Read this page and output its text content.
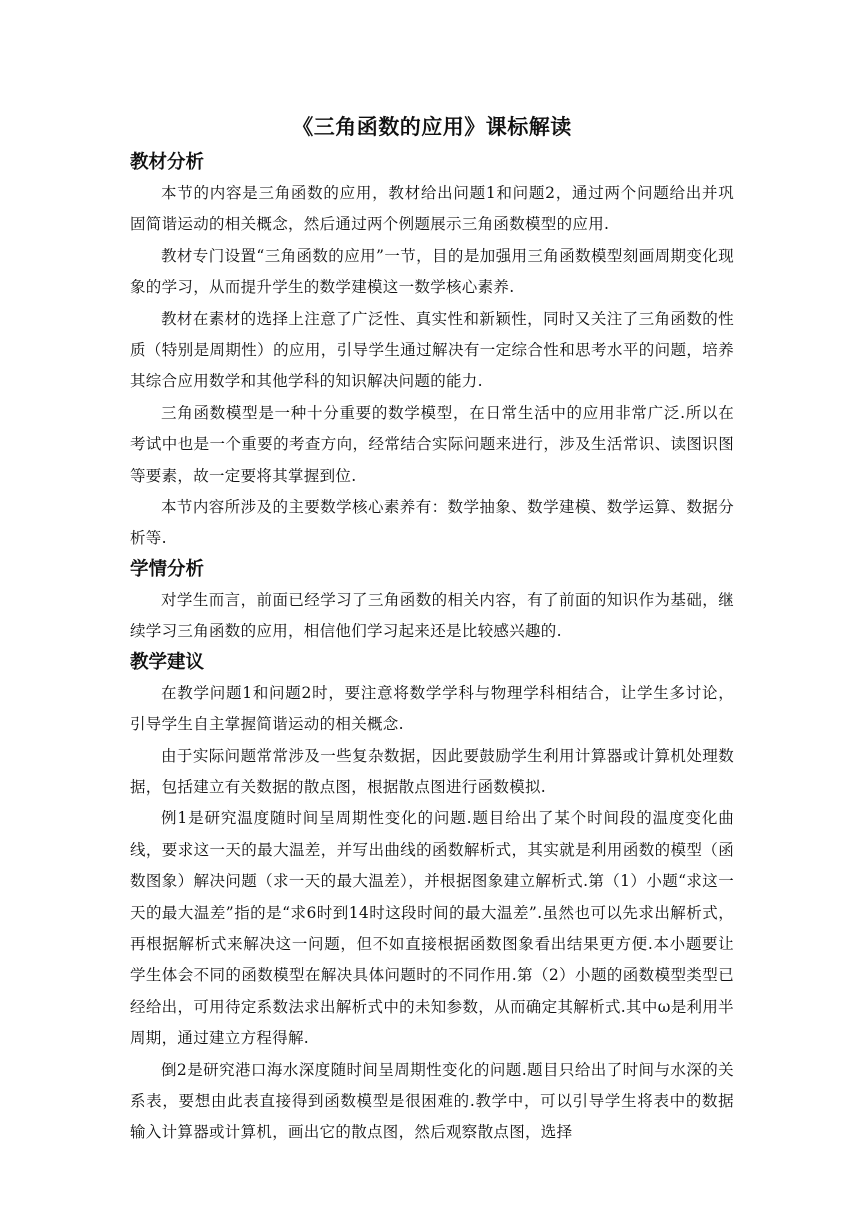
《三角函数的应用》课标解读
教材分析

本节的内容是三角函数的应用，教材给出问题1和问题2，通过两个问题给出并巩固简谐运动的相关概念，然后通过两个例题展示三角函数模型的应用.

教材专门设置“三角函数的应用”一节，目的是加强用三角函数模型刻画周期变化现象的学习，从而提升学生的数学建模这一数学核心素养.

教材在素材的选择上注意了广泛性、真实性和新颖性，同时又关注了三角函数的性质（特别是周期性）的应用，引导学生通过解决有一定综合性和思考水平的问题，培养其综合应用数学和其他学科的知识解决问题的能力.

三角函数模型是一种十分重要的数学模型，在日常生活中的应用非常广泛.所以在考试中也是一个重要的考查方向，经常结合实际问题来进行，涉及生活常识、读图识图等要素，故一定要将其掌握到位.

本节内容所涉及的主要数学核心素养有：数学抽象、数学建模、数学运算、数据分析等.

学情分析

对学生而言，前面已经学习了三角函数的相关内容，有了前面的知识作为基础，继续学习三角函数的应用，相信他们学习起来还是比较感兴趣的.

教学建议

在教学问题1和问题2时，要注意将数学学科与物理学科相结合，让学生多讨论，引导学生自主掌握简谐运动的相关概念.

由于实际问题常常涉及一些复杂数据，因此要鼓励学生利用计算器或计算机处理数据，包括建立有关数据的散点图，根据散点图进行函数模拟.

例1是研究温度随时间呈周期性变化的问题.题目给出了某个时间段的温度变化曲线，要求这一天的最大温差，并写出曲线的函数解析式，其实就是利用函数的模型（函数图象）解决问题（求一天的最大温差），并根据图象建立解析式.第（1）小题“求这一天的最大温差”指的是“求6时到14时这段时间的最大温差”.虽然也可以先求出解析式，再根据解析式来解决这一问题，但不如直接根据函数图象看出结果更方便.本小题要让学生体会不同的函数模型在解决具体问题时的不同作用.第（2）小题的函数模型类型已经给出，可用待定系数法求出解析式中的未知参数，从而确定其解析式.其中ω是利用半周期，通过建立方程得解.

倒2是研究港口海水深度随时间呈周期性变化的问题.题目只给出了时间与水深的关系表，要想由此表直接得到函数模型是很困难的.教学中，可以引导学生将表中的数据输入计算器或计算机，画出它的散点图，然后观察散点图，选择
